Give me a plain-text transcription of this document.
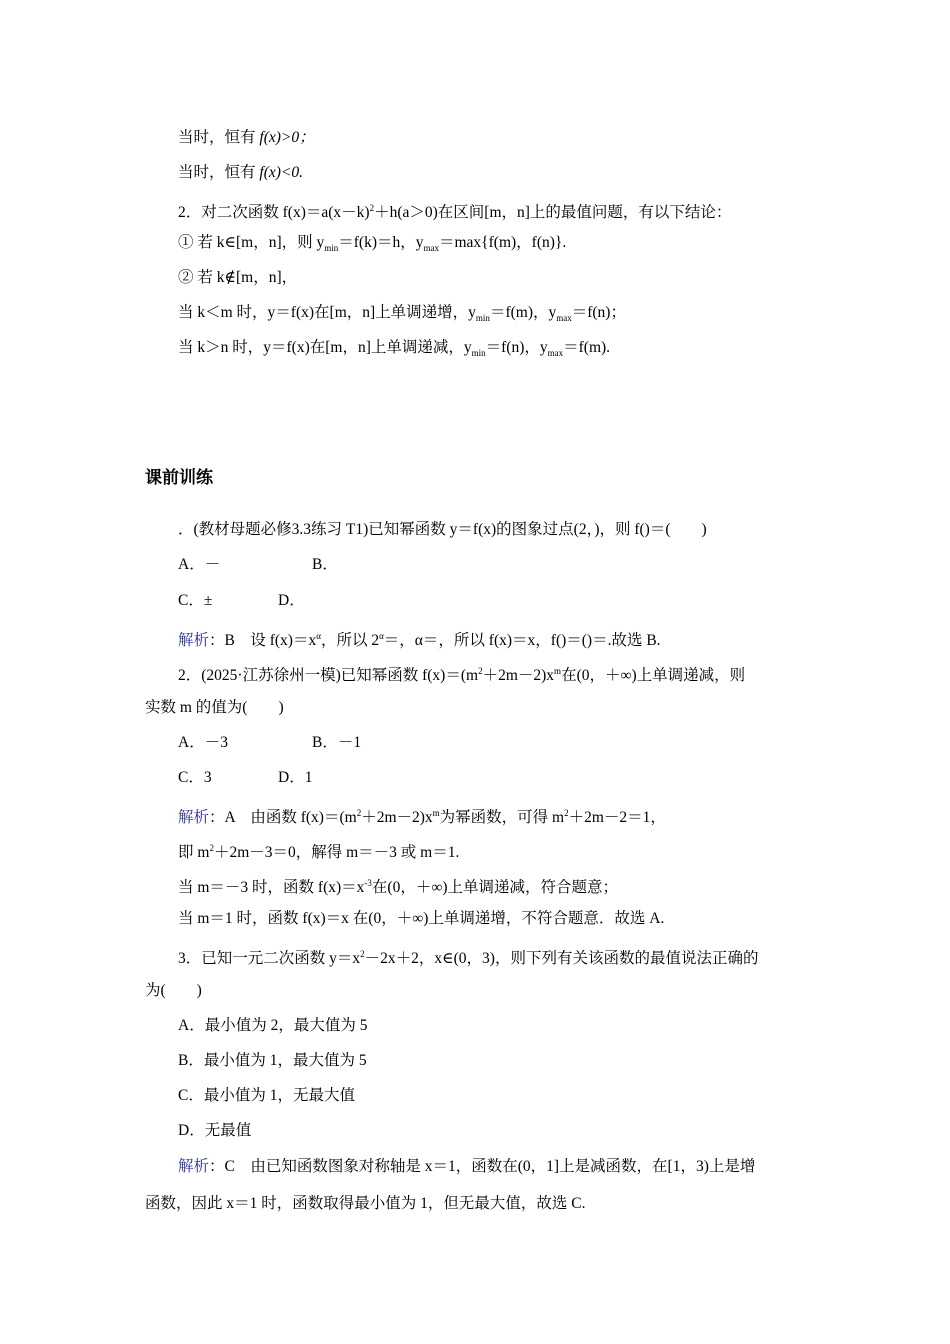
当时，恒有 f(x)>0；
当时，恒有 f(x)<0.
2．对二次函数 $f(x)=a(x-k)^2+h(a>0)$在区间[m，n]上的最值问题，有以下结论：
① 若 k∈[m，n]，则 $y_{min}=f(k)=h$，$y_{max}=\max\{f(m)$，f(n)}.
② 若 k∉[m，n]，
当 k＜m 时，y＝f(x)在[m，n]上单调递增，$y_{min}=f(m)$，$y_{max}=f(n)$；
当 k＞n 时，y＝f(x)在[m，n]上单调递减，$y_{min}=f(n)$，$y_{max}=f(m)$.
课前训练
．(教材母题必修3.3练习 T1)已知幂函数 y＝f(x)的图象过点(2，)，则 f()＝(　　)
A．－	B．
C．±	D．
解析：B　设 $f(x)=x^\alpha$，所以 $2^\alpha=$，α＝，所以 f(x)＝x，f()＝()＝.故选 B.
2．(2025·江苏徐州一模)已知幂函数 $f(x)=(m^2+2m-2)x^m$在(0，＋∞)上单调递减，则
实数 m 的值为(　　)
A．－3	B．－1
C．3	D．1
解析：A　由函数 $f(x)=(m^2+2m-2)x^m$为幂函数，可得 $m^2+2m-2=1$，
即 $m^2+2m-3=0$，解得 m＝－3 或 m＝1.
当 m＝－3 时，函数 $f(x)=x^{-3}$在(0，＋∞)上单调递减，符合题意；
当 m＝1 时，函数 f(x)＝x 在(0，＋∞)上单调递增，不符合题意．故选 A.
3．已知一元二次函数 $y=x^2-2x+2$，x∈(0，3)，则下列有关该函数的最值说法正确的
为(　　)
A．最小值为 2，最大值为 5
B．最小值为 1，最大值为 5
C．最小值为 1，无最大值
D．无最值
解析：C　由已知函数图象对称轴是 x＝1，函数在(0，1]上是减函数，在[1，3)上是增
函数，因此 x＝1 时，函数取得最小值为 1，但无最大值，故选 C.
